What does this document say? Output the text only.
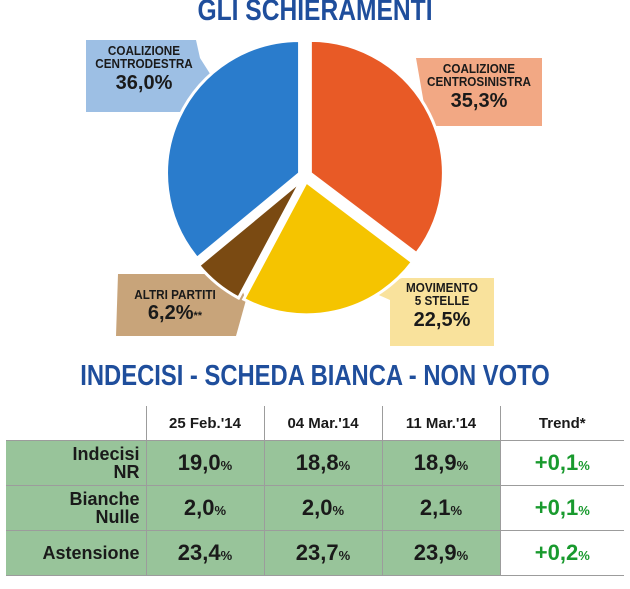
GLI SCHIERAMENTI
COALIZIONE
CENTROSINISTRA
35,3%
MOVIMENTO
5 STELLE
22,5%
ALTRI PARTITI
6,2%**
COALIZIONE
CENTRODESTRA
36,0%
INDECISI - SCHEDA BIANCA - NON VOTO
	25 Feb.'14	04 Mar.'14	11 Mar.'14	Trend*
Indecisi
NR	19,0%	18,8%	18,9%	+0,1%
Bianche
Nulle	2,0%	2,0%	2,1%	+0,1%
Astensione	23,4%	23,7%	23,9%	+0,2%
